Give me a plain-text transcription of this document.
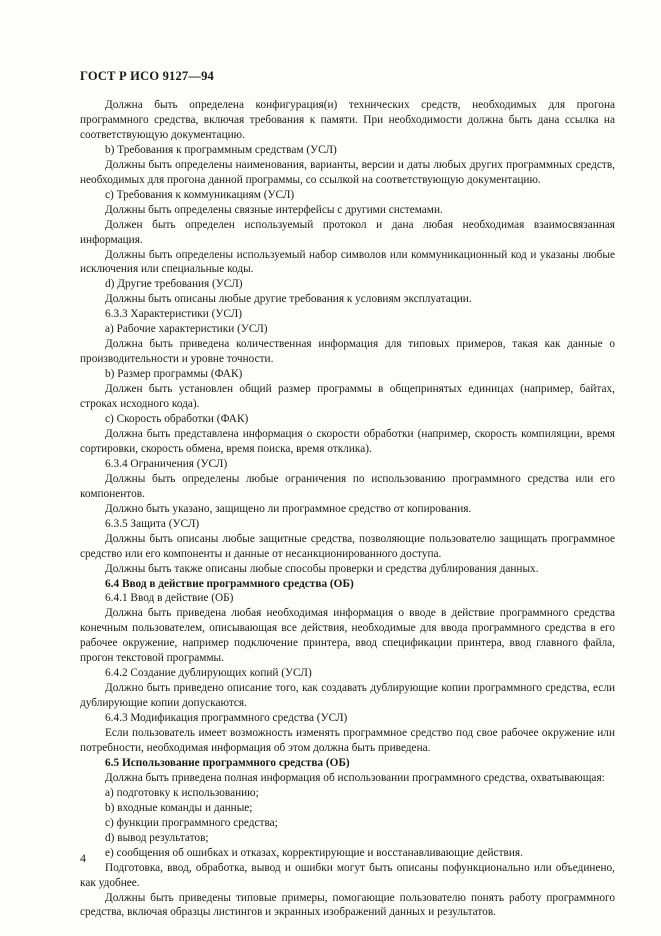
ГОСТ Р ИСО 9127—94

Должна быть определена конфигурация(и) технических средств, необходимых для прогона программного средства, включая требования к памяти. При необходимости должна быть дана ссылка на соответствующую документацию.

b) Требования к программным средствам (УСЛ)

Должны быть определены наименования, варианты, версии и даты любых других программных средств, необходимых для прогона данной программы, со ссылкой на соответствующую документацию.

c) Требования к коммуникациям (УСЛ)

Должны быть определены связные интерфейсы с другими системами.

Должен быть определен используемый протокол и дана любая необходимая взаимосвязанная информация.

Должны быть определены используемый набор символов или коммуникационный код и указаны любые исключения или специальные коды.

d) Другие требования (УСЛ)

Должны быть описаны любые другие требования к условиям эксплуатации.

6.3.3 Характеристики (УСЛ)

a) Рабочие характеристики (УСЛ)

Должна быть приведена количественная информация для типовых примеров, такая как данные о производительности и уровне точности.

b) Размер программы (ФАК)

Должен быть установлен общий размер программы в общепринятых единицах (например, байтах, строках исходного кода).

c) Скорость обработки (ФАК)

Должна быть представлена информация о скорости обработки (например, скорость компиляции, время сортировки, скорость обмена, время поиска, время отклика).

6.3.4 Ограничения (УСЛ)

Должны быть определены любые ограничения по использованию программного средства или его компонентов.

Должно быть указано, защищено ли программное средство от копирования.

6.3.5 Защита (УСЛ)

Должны быть описаны любые защитные средства, позволяющие пользователю защищать программное средство или его компоненты и данные от несанкционированного доступа.

Должны быть также описаны любые способы проверки и средства дублирования данных.

6.4 Ввод в действие программного средства (ОБ)

6.4.1 Ввод в действие (ОБ)

Должна быть приведена любая необходимая информация о вводе в действие программного средства конечным пользователем, описывающая все действия, необходимые для ввода программного средства в его рабочее окружение, например подключение принтера, ввод спецификации принтера, ввод главного файла, прогон текстовой программы.

6.4.2 Создание дублирующих копий (УСЛ)

Должно быть приведено описание того, как создавать дублирующие копии программного средства, если дублирующие копии допускаются.

6.4.3 Модификация программного средства (УСЛ)

Если пользователь имеет возможность изменять программное средство под свое рабочее окружение или потребности, необходимая информация об этом должна быть приведена.

6.5 Использование программного средства (ОБ)

Должна быть приведена полная информация об использовании программного средства, охватывающая:

a) подготовку к использованию;

b) входные команды и данные;

c) функции программного средства;

d) вывод результатов;

e) сообщения об ошибках и отказах, корректирующие и восстанавливающие действия.

Подготовка, ввод, обработка, вывод и ошибки могут быть описаны пофункционально или объединено, как удобнее.

Должны быть приведены типовые примеры, помогающие пользователю понять работу программного средства, включая образцы листингов и экранных изображений данных и результатов.

4
